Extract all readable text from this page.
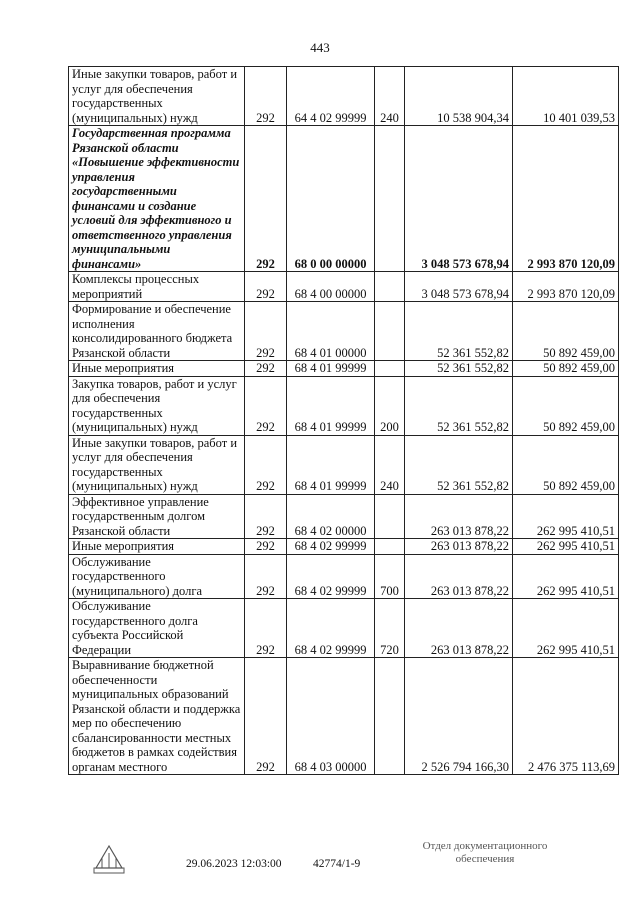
443
Иные закупки товаров, работ и услуг для обеспечения государственных (муниципальных) нужд	292	64 4 02 99999	240	10 538 904,34	10 401 039,53
Государственная программа Рязанской области «Повышение эффективности управления государственными финансами и создание условий для эффективного и ответственного управления муниципальными финансами»	292	68 0 00 00000		3 048 573 678,94	2 993 870 120,09
Комплексы процессных мероприятий	292	68 4 00 00000		3 048 573 678,94	2 993 870 120,09
Формирование и обеспечение исполнения консолидированного бюджета Рязанской области	292	68 4 01 00000		52 361 552,82	50 892 459,00
Иные мероприятия	292	68 4 01 99999		52 361 552,82	50 892 459,00
Закупка товаров, работ и услуг для обеспечения государственных (муниципальных) нужд	292	68 4 01 99999	200	52 361 552,82	50 892 459,00
Иные закупки товаров, работ и услуг для обеспечения государственных (муниципальных) нужд	292	68 4 01 99999	240	52 361 552,82	50 892 459,00
Эффективное управление государственным долгом Рязанской области	292	68 4 02 00000		263 013 878,22	262 995 410,51
Иные мероприятия	292	68 4 02 99999		263 013 878,22	262 995 410,51
Обслуживание государственного (муниципального) долга	292	68 4 02 99999	700	263 013 878,22	262 995 410,51
Обслуживание государственного долга субъекта Российской Федерации	292	68 4 02 99999	720	263 013 878,22	262 995 410,51
Выравнивание бюджетной обеспеченности муниципальных образований Рязанской области и поддержка мер по обеспечению сбалансированности местных бюджетов в рамках содействия органам местного	292	68 4 03 00000		2 526 794 166,30	2 476 375 113,69
29.06.2023 12:03:00	42774/1-9
Отдел документационного обеспечения
